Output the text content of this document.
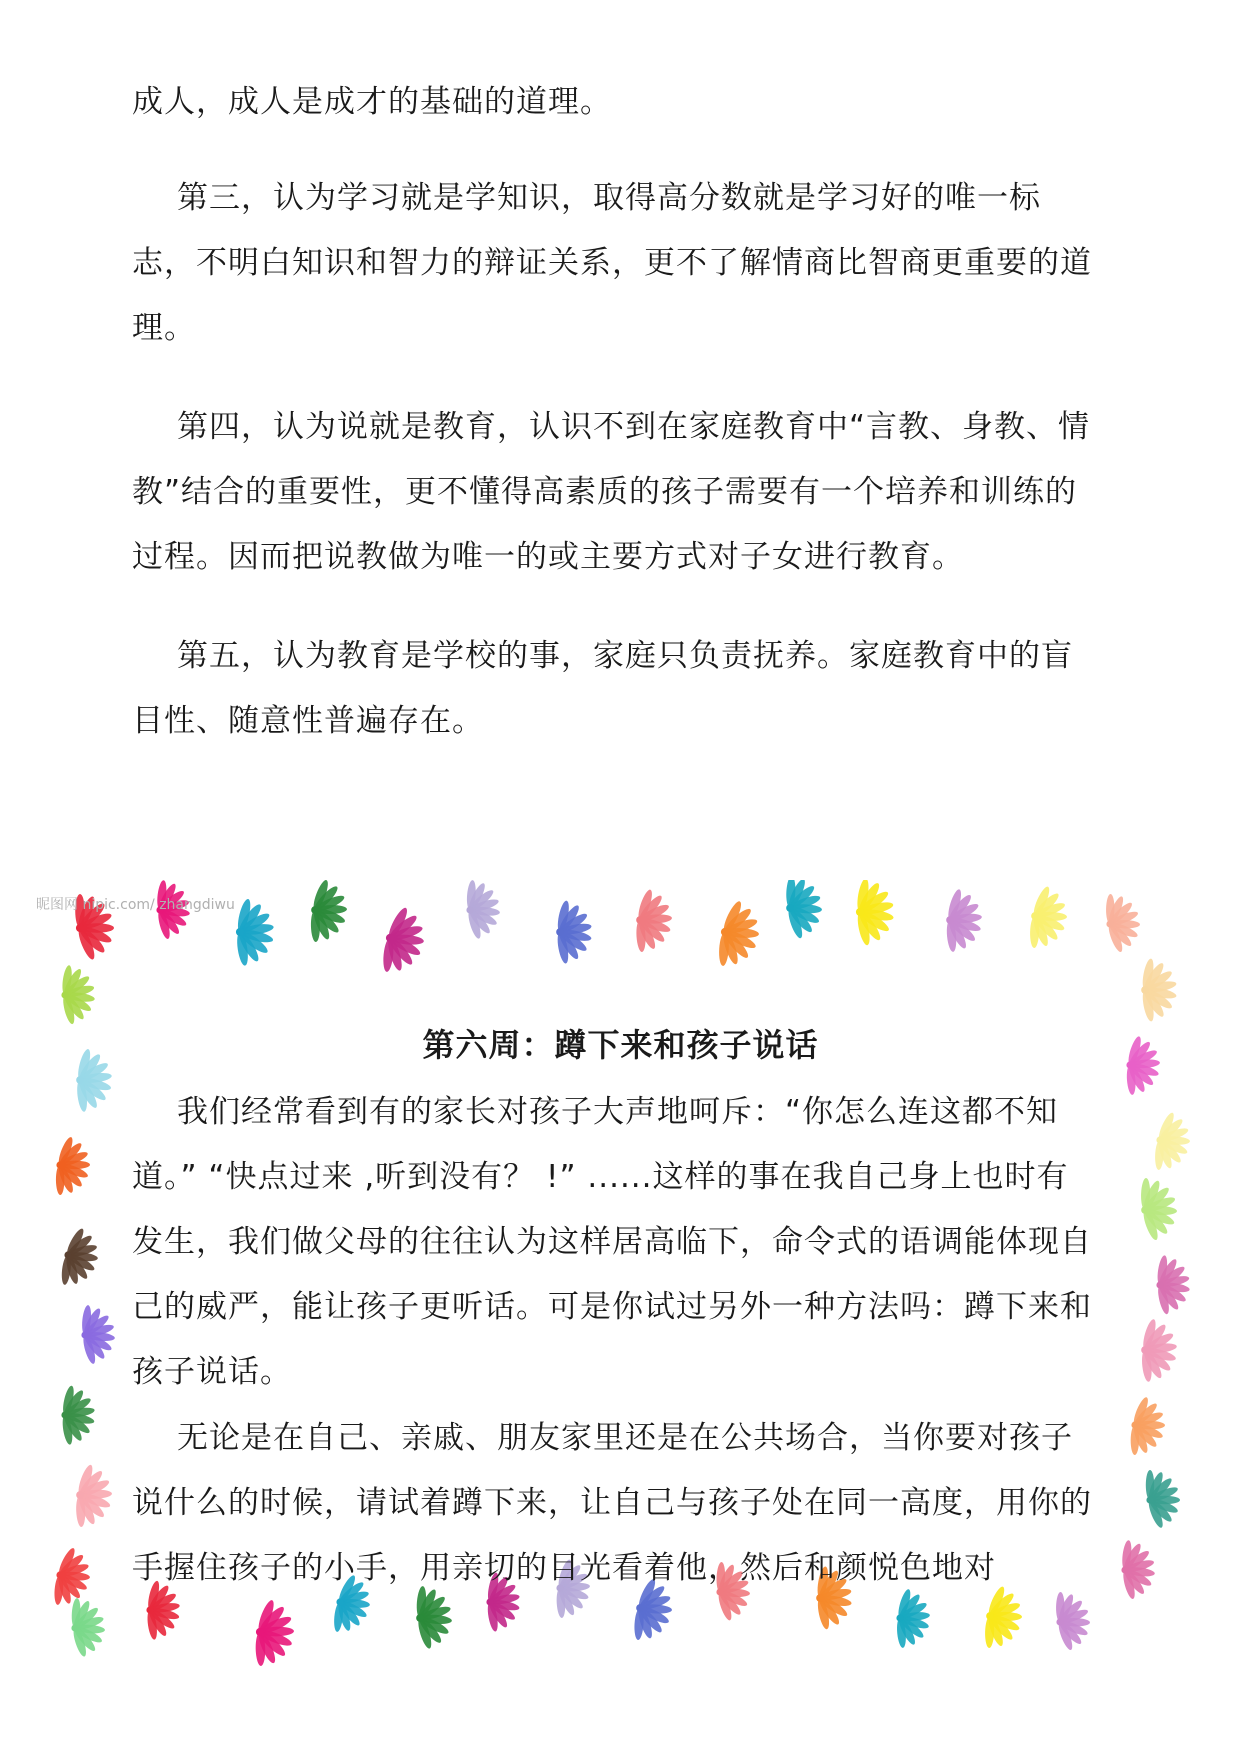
成人，成人是成才的基础的道理。

第三，认为学习就是学知识，取得高分数就是学习好的唯一标志，不明白知识和智力的辩证关系，更不了解情商比智商更重要的道理。

第四，认为说就是教育，认识不到在家庭教育中“言教、身教、情教”结合的重要性，更不懂得高素质的孩子需要有一个培养和训练的过程。因而把说教做为唯一的或主要方式对子女进行教育。

第五，认为教育是学校的事，家庭只负责抚养。家庭教育中的盲目性、随意性普遍存在。

昵图网 nipic.com/ zhangdiwu
第六周：蹲下来和孩子说话

我们经常看到有的家长对孩子大声地呵斥：“你怎么连这都不知道。” “快点过来 ,听到没有？ !” ......这样的事在我自己身上也时有发生，我们做父母的往往认为这样居高临下，命令式的语调能体现自己的威严，能让孩子更听话。可是你试过另外一种方法吗：蹲下来和孩子说话。

无论是在自己、亲戚、朋友家里还是在公共场合，当你要对孩子说什么的时候，请试着蹲下来，让自己与孩子处在同一高度，用你的手握住孩子的小手，用亲切的目光看着他，然后和颜悦色地对
